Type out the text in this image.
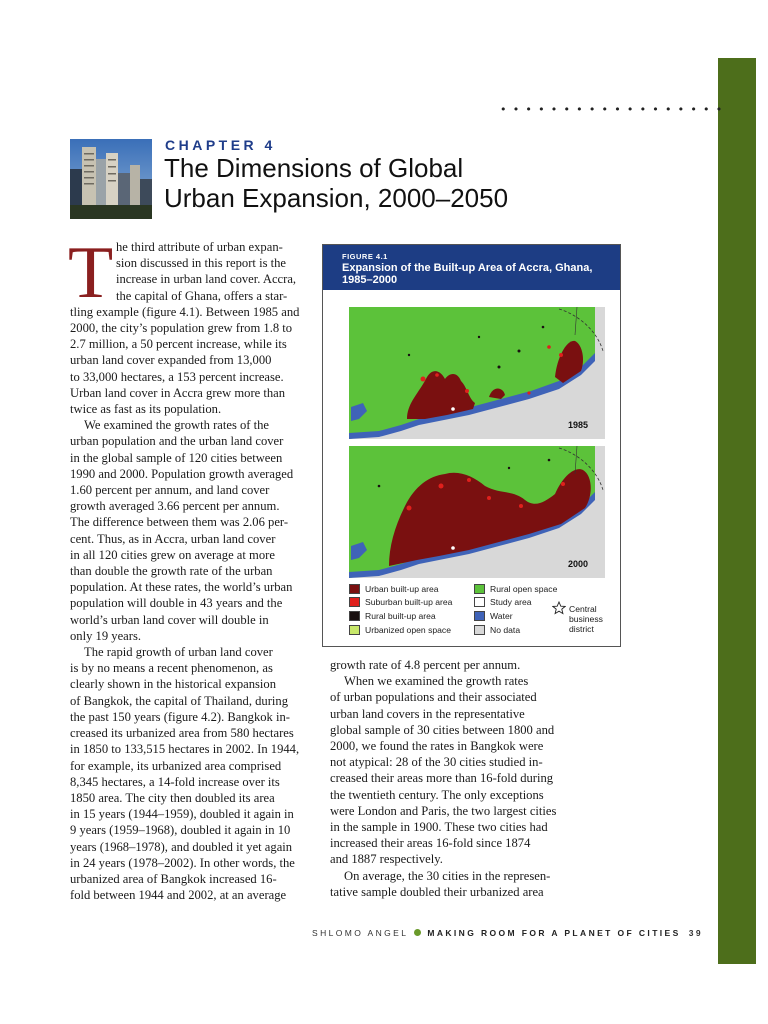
••••••••••••••••••
CHAPTER 4
The Dimensions of Global
Urban Expansion, 2000–2050
T he third attribute of urban expan-
sion discussed in this report is the
increase in urban land cover. Accra,
the capital of Ghana, offers a star-
tling example (figure 4.1). Between 1985 and
2000, the city’s population grew from 1.8 to
2.7 million, a 50 percent increase, while its
urban land cover expanded from 13,000
to 33,000 hectares, a 153 percent increase.
Urban land cover in Accra grew more than
twice as fast as its population.
We examined the growth rates of the
urban population and the urban land cover
in the global sample of 120 cities between
1990 and 2000. Population growth averaged
1.60 percent per annum, and land cover
growth averaged 3.66 percent per annum.
The difference between them was 2.06 per-
cent. Thus, as in Accra, urban land cover
in all 120 cities grew on average at more
than double the growth rate of the urban
population. At these rates, the world’s urban
population will double in 43 years and the
world’s urban land cover will double in
only 19 years.
The rapid growth of urban land cover
is by no means a recent phenomenon, as
clearly shown in the historical expansion
of Bangkok, the capital of Thailand, during
the past 150 years (figure 4.2). Bangkok in-
creased its urbanized area from 580 hectares
in 1850 to 133,515 hectares in 2002. In 1944,
for example, its urbanized area comprised
8,345 hectares, a 14-fold increase over its
1850 area. The city then doubled its area
in 15 years (1944–1959), doubled it again in
9 years (1959–1968), doubled it again in 10
years (1968–1978), and doubled it yet again
in 24 years (1978–2002). In other words, the
urbanized area of Bangkok increased 16-
fold between 1944 and 2002, at an average
FIGURE 4.1
Expansion of the Built-up Area of Accra, Ghana,
1985–2000
1985
2000
Urban built-up area
Suburban built-up area
Rural built-up area
Urbanized open space
Rural open space
Study area
Water
No data
Central
business
district
growth rate of 4.8 percent per annum.
When we examined the growth rates
of urban populations and their associated
urban land covers in the representative
global sample of 30 cities between 1800 and
2000, we found the rates in Bangkok were
not atypical: 28 of the 30 cities studied in-
creased their areas more than 16-fold during
the twentieth century. The only exceptions
were London and Paris, the two largest cities
in the sample in 1900. These two cities had
increased their areas 16-fold since 1874
and 1887 respectively.
On average, the 30 cities in the represen-
tative sample doubled their urbanized area
SHLOMO ANGEL MAKING ROOM FOR A PLANET OF CITIES 39
